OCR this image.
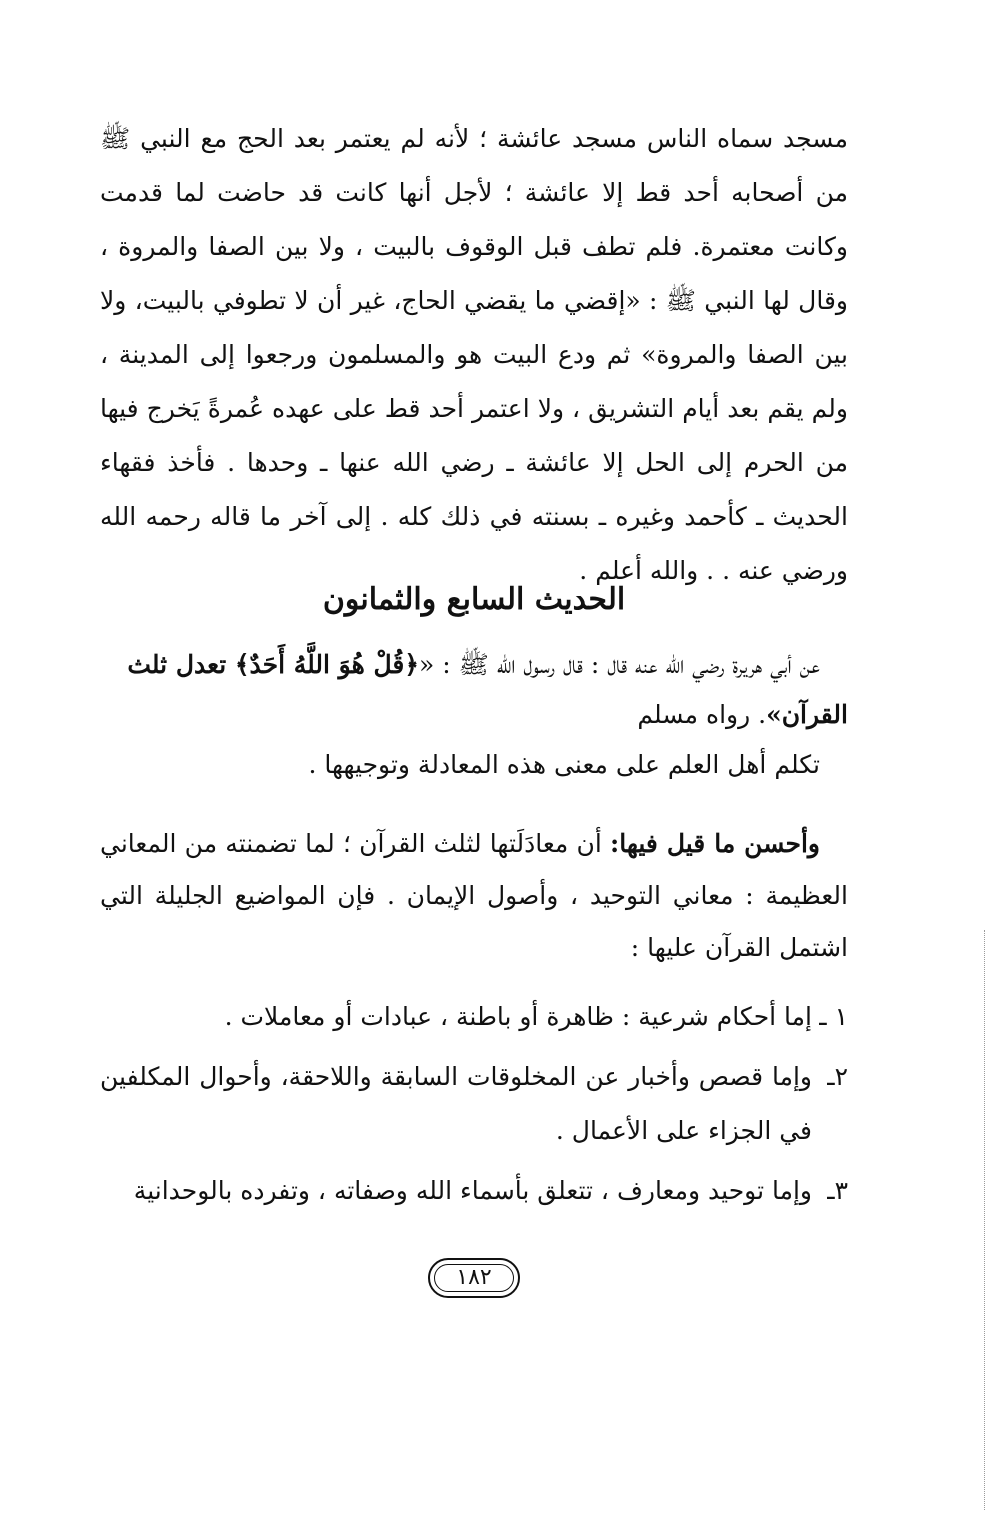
مسجد سماه الناس مسجد عائشة ؛ لأنه لم يعتمر بعد الحج مع النبي ﷺ من أصحابه أحد قط إلا عائشة ؛ لأجل أنها كانت قد حاضت لما قدمت وكانت معتمرة. فلم تطف قبل الوقوف بالبيت ، ولا بين الصفا والمروة ، وقال لها النبي ﷺ : «إقضي ما يقضي الحاج، غير أن لا تطوفي بالبيت، ولا بين الصفا والمروة» ثم ودع البيت هو والمسلمون ورجعوا إلى المدينة ، ولم يقم بعد أيام التشريق ، ولا اعتمر أحد قط على عهده عُمرةً يَخرج فيها من الحرم إلى الحل إلا عائشة ـ رضي الله عنها ـ وحدها . فأخذ فقهاء الحديث ـ كأحمد وغيره ـ بسنته في ذلك كله . إلى آخر ما قاله رحمه الله ورضي عنه . . والله أعلم .
الحديث السابع والثمانون
عن أبي هريرة رضي الله عنه قال : قال رسول الله ﷺ : «﴿قُلْ هُوَ اللَّهُ أَحَدٌ﴾ تعدل ثلث القرآن». رواه مسلم
تكلم أهل العلم على معنى هذه المعادلة وتوجيهها .
وأحسن ما قيل فيها: أن معادَلَتها لثلث القرآن ؛ لما تضمنته من المعاني العظيمة : معاني التوحيد ، وأصول الإيمان . فإن المواضيع الجليلة التي اشتمل القرآن عليها :
١ ـ
إما أحكام شرعية : ظاهرة أو باطنة ، عبادات أو معاملات .
٢ـ
وإما قصص وأخبار عن المخلوقات السابقة واللاحقة، وأحوال المكلفين في الجزاء على الأعمال .
٣ـ
وإما توحيد ومعارف ، تتعلق بأسماء الله وصفاته ، وتفرده بالوحدانية
١٨٢
